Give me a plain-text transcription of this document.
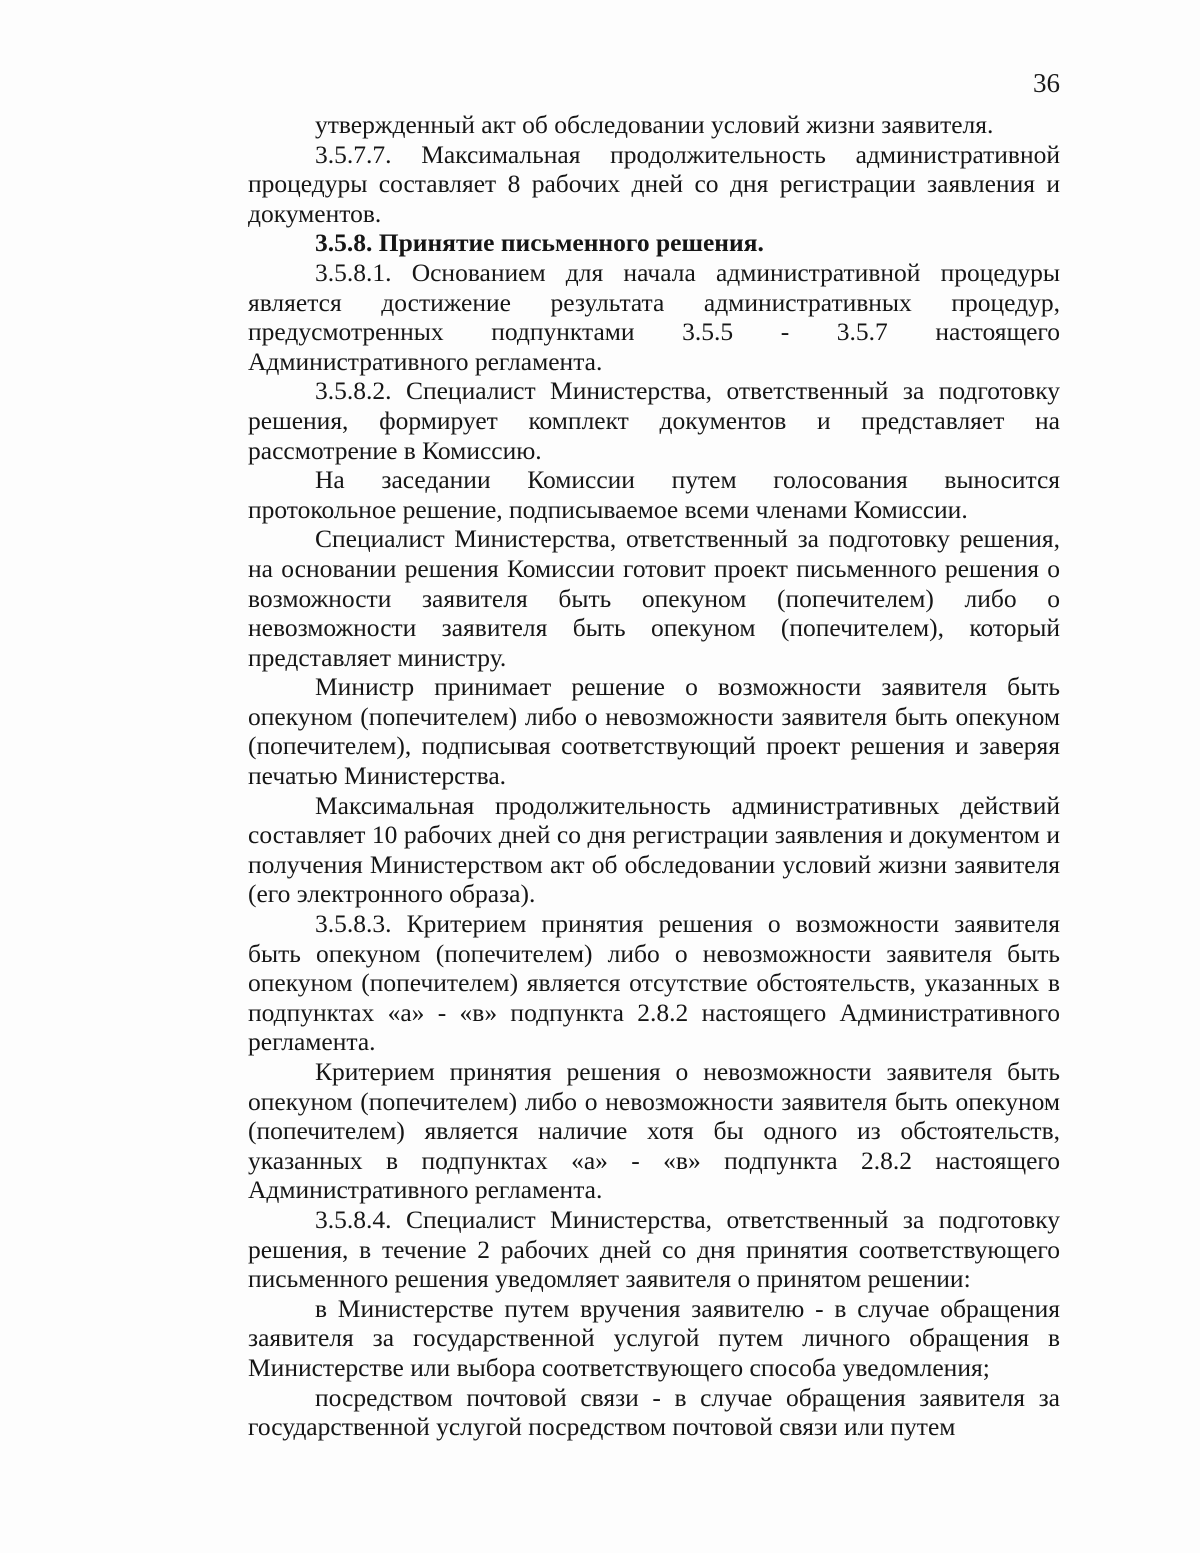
36

утвержденный акт об обследовании условий жизни заявителя.

3.5.7.7. Максимальная продолжительность административной процедуры составляет 8 рабочих дней со дня регистрации заявления и документов.

3.5.8. Принятие письменного решения.

3.5.8.1. Основанием для начала административной процедуры является достижение результата административных процедур, предусмотренных подпунктами 3.5.5 - 3.5.7 настоящего Административного регламента.

3.5.8.2. Специалист Министерства, ответственный за подготовку решения, формирует комплект документов и представляет на рассмотрение в Комиссию.

На заседании Комиссии путем голосования выносится протокольное решение, подписываемое всеми членами Комиссии.

Специалист Министерства, ответственный за подготовку решения, на основании решения Комиссии готовит проект письменного решения о возможности заявителя быть опекуном (попечителем) либо о невозможности заявителя быть опекуном (попечителем), который представляет министру.

Министр принимает решение о возможности заявителя быть опекуном (попечителем) либо о невозможности заявителя быть опекуном (попечителем), подписывая соответствующий проект решения и заверяя печатью Министерства.

Максимальная продолжительность административных действий составляет 10 рабочих дней со дня регистрации заявления и документом и получения Министерством акт об обследовании условий жизни заявителя (его электронного образа).

3.5.8.3. Критерием принятия решения о возможности заявителя быть опекуном (попечителем) либо о невозможности заявителя быть опекуном (попечителем) является отсутствие обстоятельств, указанных в подпунктах «а» - «в» подпункта 2.8.2 настоящего Административного регламента.

Критерием принятия решения о невозможности заявителя быть опекуном (попечителем) либо о невозможности заявителя быть опекуном (попечителем) является наличие хотя бы одного из обстоятельств, указанных в подпунктах «а» - «в» подпункта 2.8.2 настоящего Административного регламента.

3.5.8.4. Специалист Министерства, ответственный за подготовку решения, в течение 2 рабочих дней со дня принятия соответствующего письменного решения уведомляет заявителя о принятом решении:

в Министерстве путем вручения заявителю - в случае обращения заявителя за государственной услугой путем личного обращения в Министерстве или выбора соответствующего способа уведомления;

посредством почтовой связи - в случае обращения заявителя за государственной услугой посредством почтовой связи или путем
